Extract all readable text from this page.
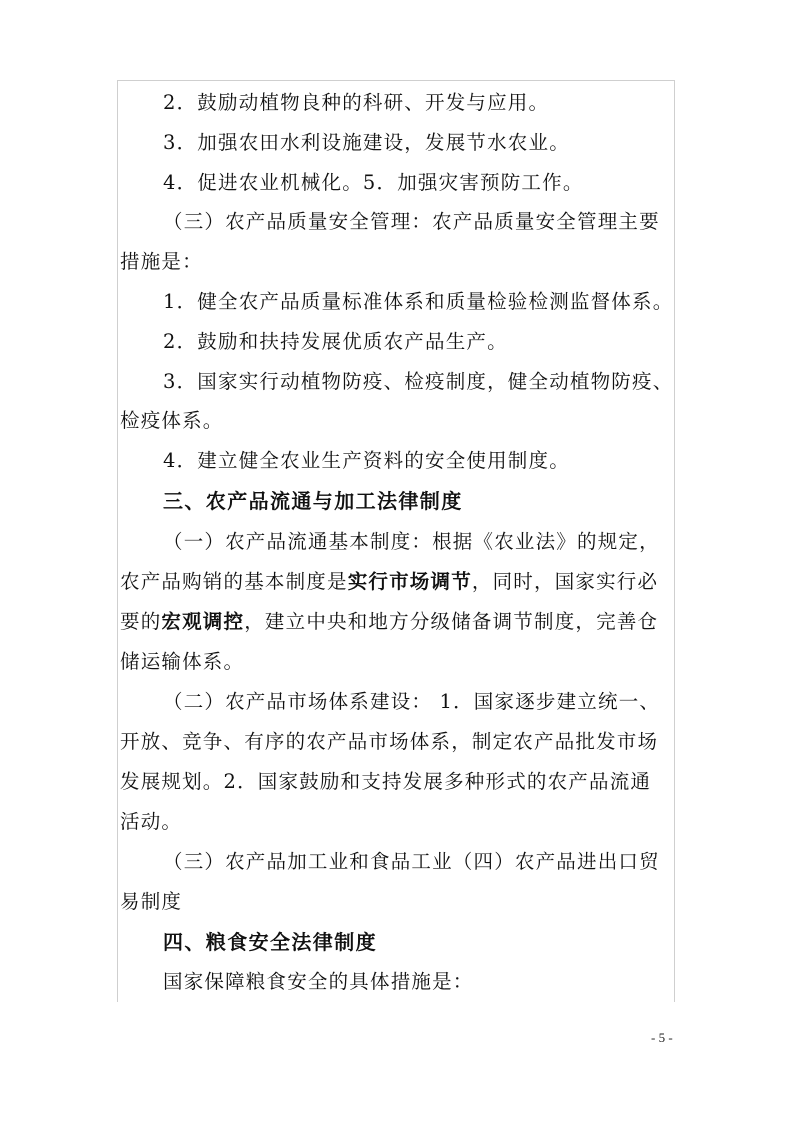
2．鼓励动植物良种的科研、开发与应用。
3．加强农田水利设施建设，发展节水农业。
4．促进农业机械化。5．加强灾害预防工作。
（三）农产品质量安全管理：农产品质量安全管理主要
措施是：
1．健全农产品质量标准体系和质量检验检测监督体系。
2．鼓励和扶持发展优质农产品生产。
3．国家实行动植物防疫、检疫制度，健全动植物防疫、
检疫体系。
4．建立健全农业生产资料的安全使用制度。
三、农产品流通与加工法律制度
（一）农产品流通基本制度：根据《农业法》的规定，
农产品购销的基本制度是实行市场调节，同时，国家实行必
要的宏观调控，建立中央和地方分级储备调节制度，完善仓
储运输体系。
（二）农产品市场体系建设： 1．国家逐步建立统一、
开放、竞争、有序的农产品市场体系，制定农产品批发市场
发展规划。2．国家鼓励和支持发展多种形式的农产品流通
活动。
（三）农产品加工业和食品工业（四）农产品进出口贸
易制度
四、粮食安全法律制度
国家保障粮食安全的具体措施是：
- 5 -
